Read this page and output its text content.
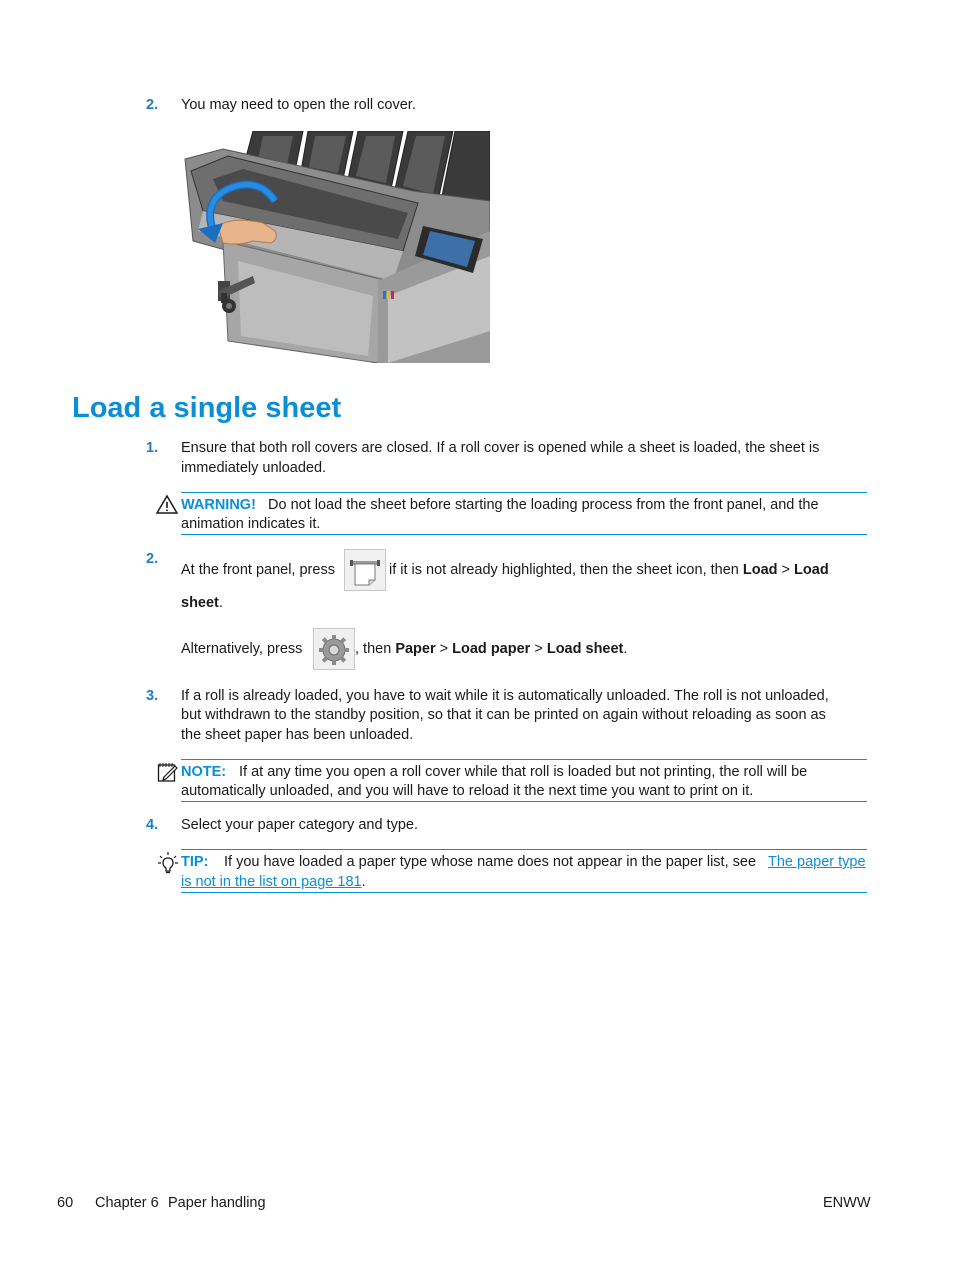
2. You may need to open the roll cover.
Load a single sheet
1. Ensure that both roll covers are closed. If a roll cover is opened while a sheet is loaded, the sheet is
immediately unloaded.
WARNING! Do not load the sheet before starting the loading process from the front panel, and the
animation indicates it.
2.
At the front panel, press	if it is not already highlighted, then the sheet icon, then Load > Load
sheet.
Alternatively, press	, then Paper > Load paper > Load sheet.
3. If a roll is already loaded, you have to wait while it is automatically unloaded. The roll is not unloaded,
but withdrawn to the standby position, so that it can be printed on again without reloading as soon as
the sheet paper has been unloaded.
NOTE: If at any time you open a roll cover while that roll is loaded but not printing, the roll will be
automatically unloaded, and you will have to reload it the next time you want to print on it.
4. Select your paper category and type.
TIP: If you have loaded a paper type whose name does not appear in the paper list, see The paper type
is not in the list on page 181.
60 Chapter 6 Paper handling	ENWW
